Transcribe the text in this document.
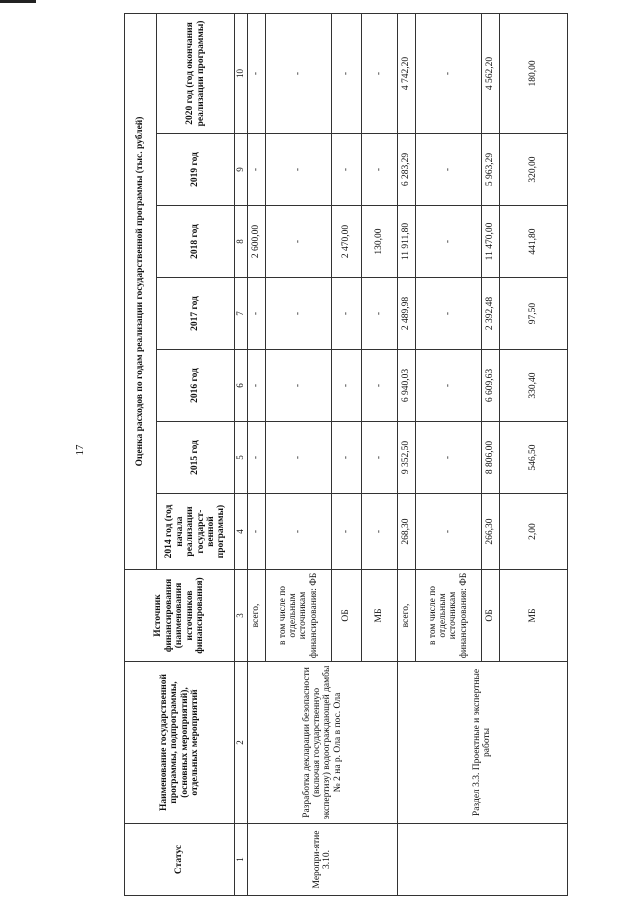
17
Статус	Наименование государственной программы, подпрограммы, (основных мероприятий), отдельных мероприятий	Источник финансирования (наименования источников финансирования)	Оценка расходов по годам реализации государственной программы (тыс. рублей)						
			2014 год (год начала реализации государст-венной программы)	2015 год	2016 год	2017 год	2018 год	2019 год	2020 год (год окончания реализации программы)
1	2	3	4	5	6	7	8	9	10
Меропри-ятие 3.10.	Разработка декларации безопасности (включая государственную экспертизу) водоограждающей дамбы № 2 на р. Ола в пос. Ола	всего,	-	-	-	-	2 600,00	-	-
		в том числе по отдельным источникам финансирования: ФБ	-	-	-	-	-	-	-
		ОБ	-	-	-	-	2 470,00	-	-
		МБ	-	-	-	-	130,00	-	-
	Раздел 3.3. Проектные и экспертные работы	всего,	268,30	9 352,50	6 940,03	2 489,98	11 911,80	6 283,29	4 742,20
		в том числе по отдельным источникам финансирования: ФБ	-	-	-	-	-	-	-
		ОБ	266,30	8 806,00	6 609,63	2 392,48	11 470,00	5 963,29	4 562,20
		МБ	2,00	546,50	330,40	97,50	441,80	320,00	180,00
